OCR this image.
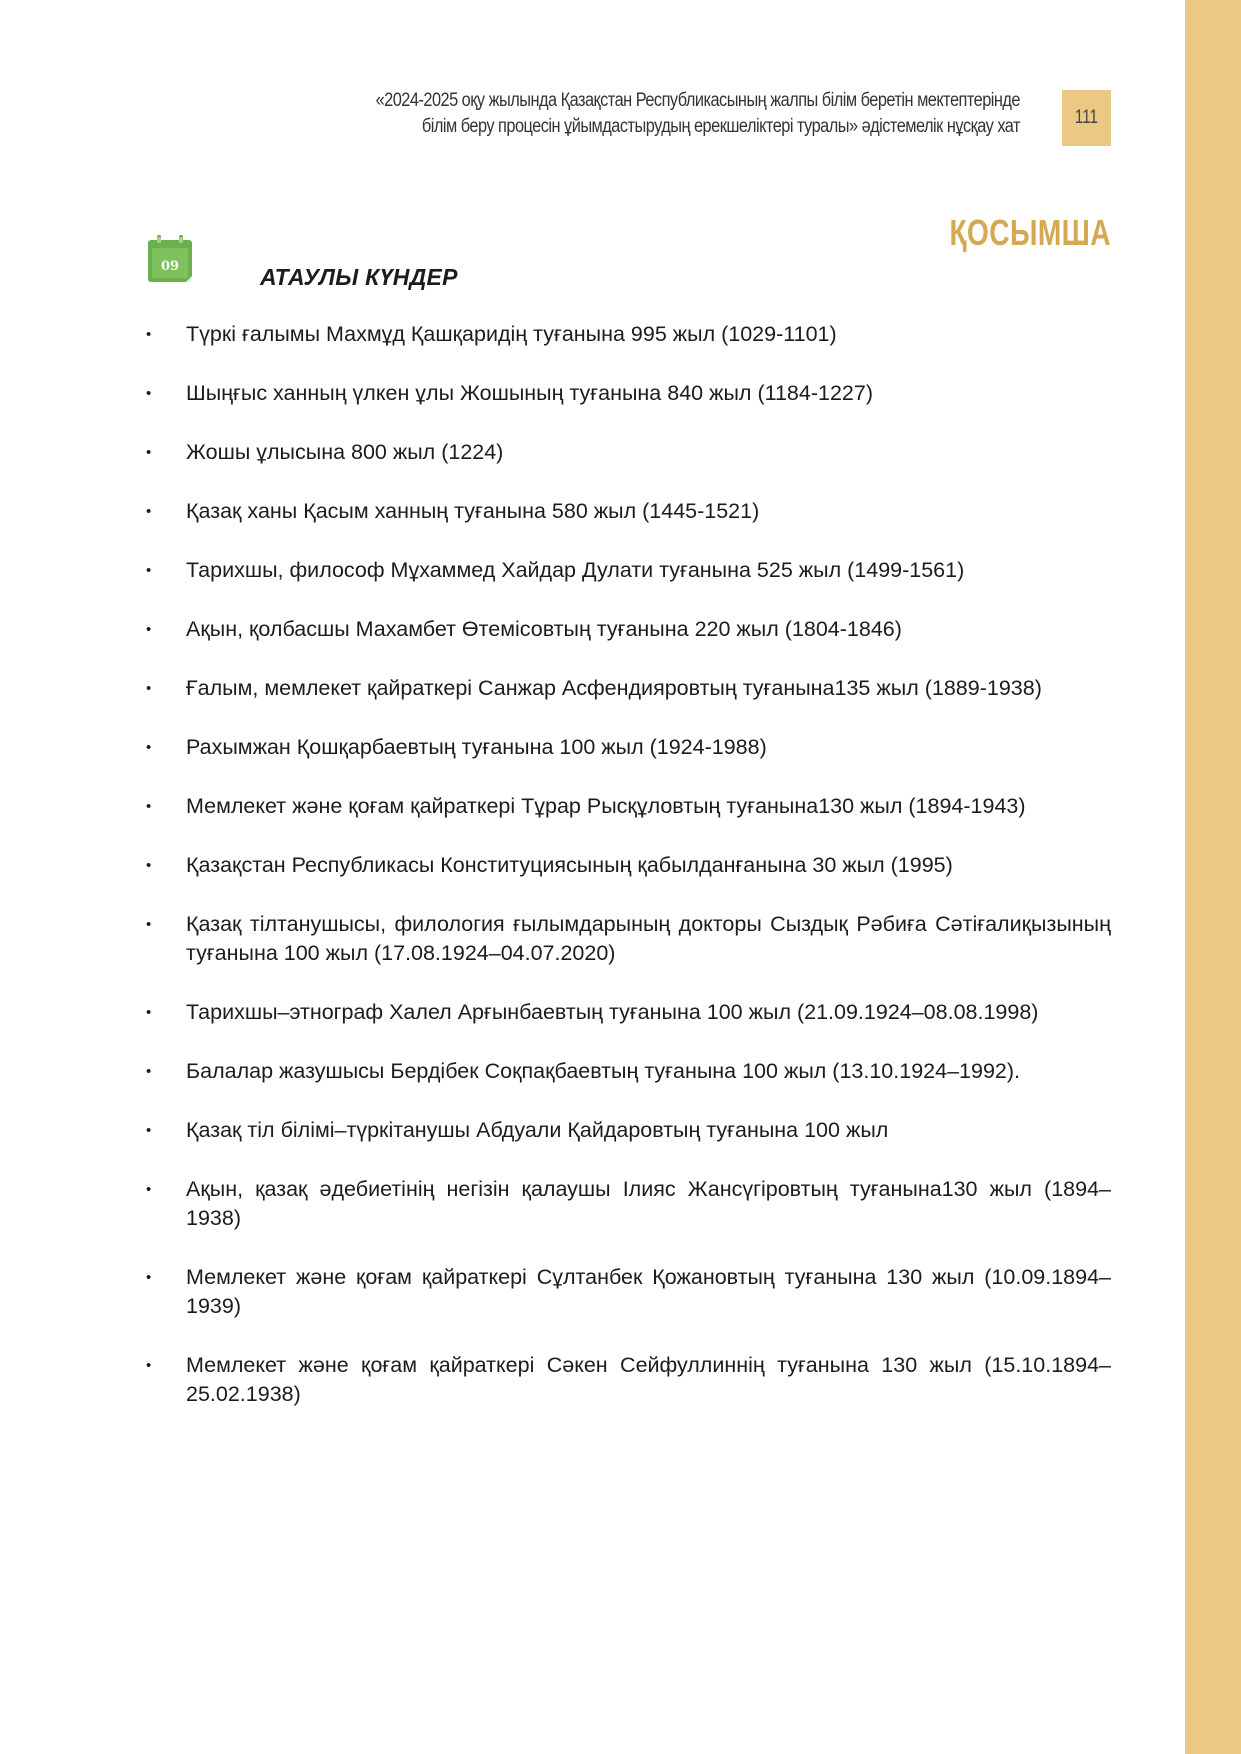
«2024-2025 оқу жылында Қазақстан Республикасының жалпы білім беретін мектептерінде
білім беру процесін ұйымдастырудың ерекшеліктері туралы» әдістемелік нұсқау хат	111
ҚОСЫМША
09	АТАУЛЫ КҮНДЕР
• Түркі ғалымы Махмұд Қашқаридің туғанына 995 жыл (1029-1101)
• Шыңғыс ханның үлкен ұлы Жошының туғанына 840 жыл (1184-1227)
• Жошы ұлысына 800 жыл (1224)
• Қазақ ханы Қасым ханның туғанына 580 жыл (1445-1521)
• Тарихшы, философ Мұхаммед Хайдар Дулати туғанына 525 жыл (1499-1561)
• Ақын, қолбасшы Махамбет Өтемісовтың туғанына 220 жыл (1804-1846)
• Ғалым, мемлекет қайраткері Санжар Асфендияровтың туғанына135 жыл (1889-1938)
• Рахымжан Қошқарбаевтың туғанына 100 жыл (1924-1988)
• Мемлекет және қоғам қайраткері Тұрар Рысқұловтың туғанына130 жыл (1894-1943)
• Қазақстан Республикасы Конституциясының қабылданғанына 30 жыл (1995)
• Қазақ тілтанушысы, филология ғылымдарының докторы Сыздық Рәбиға Сәтіғалиқызының туғанына 100 жыл (17.08.1924–04.07.2020)
• Тарихшы–этнограф Халел Арғынбаевтың туғанына 100 жыл (21.09.1924–08.08.1998)
• Балалар жазушысы Бердібек Соқпақбаевтың туғанына 100 жыл (13.10.1924–1992).
• Қазақ тіл білімі–түркітанушы Абдуали Қайдаровтың туғанына 100 жыл
• Ақын, қазақ әдебиетінің негізін қалаушы Ілияс Жансүгіровтың туғанына130 жыл (1894–1938)
• Мемлекет және қоғам қайраткері Сұлтанбек Қожановтың туғанына 130 жыл (10.09.1894–1939)
• Мемлекет және қоғам қайраткері Сәкен Сейфуллиннің туғанына 130 жыл (15.10.1894–25.02.1938)
